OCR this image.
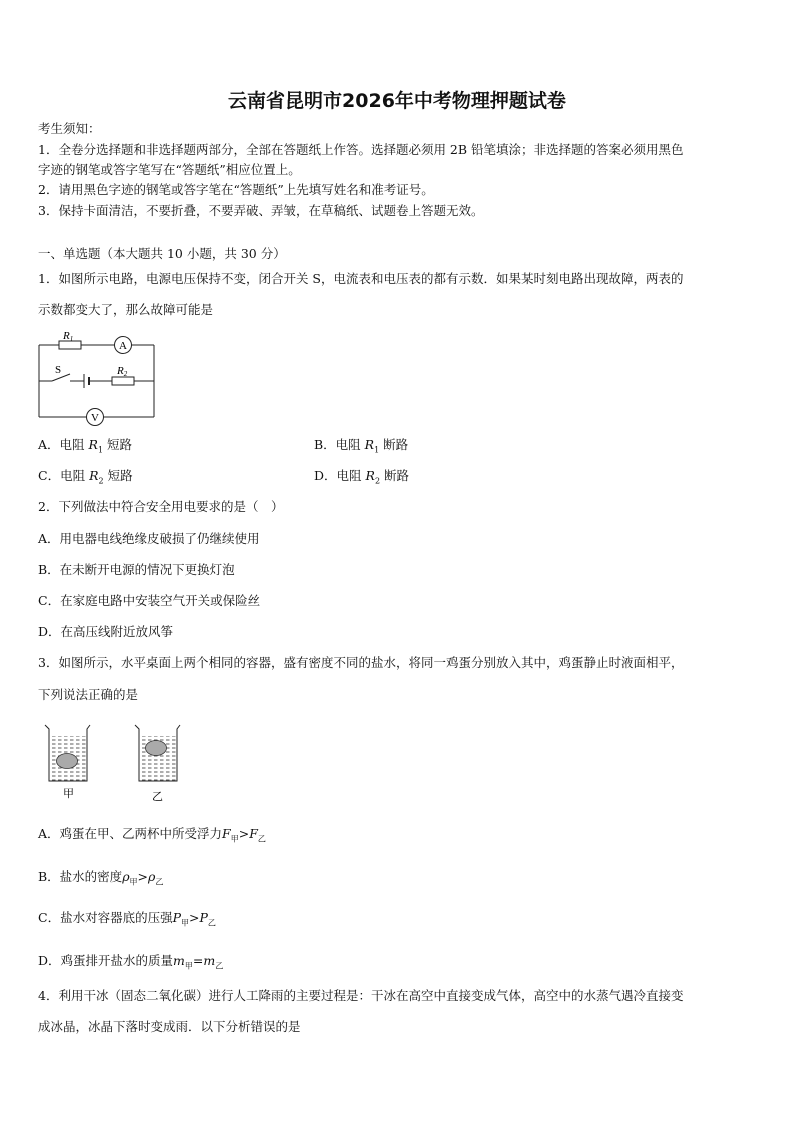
云南省昆明市2026年中考物理押题试卷
考生须知：
1．全卷分选择题和非选择题两部分，全部在答题纸上作答。选择题必须用 2B 铅笔填涂；非选择题的答案必须用黑色
字迹的钢笔或答字笔写在“答题纸”相应位置上。
2．请用黑色字迹的钢笔或答字笔在“答题纸”上先填写姓名和准考证号。
3．保持卡面清洁，不要折叠，不要弄破、弄皱，在草稿纸、试题卷上答题无效。
一、单选题（本大题共 10 小题，共 30 分）
1．如图所示电路，电源电压保持不变，闭合开关 S，电流表和电压表的都有示数．如果某时刻电路出现故障，两表的
示数都变大了，那么故障可能是
R1
A
S	R2
V
A．电阻 $R_1$ 短路	B．电阻 $R_1$ 断路
C．电阻 $R_2$ 短路	D．电阻 $R_2$ 断路
2．下列做法中符合安全用电要求的是（　）
A．用电器电线绝缘皮破损了仍继续使用
B．在未断开电源的情况下更换灯泡
C．在家庭电路中安装空气开关或保险丝
D．在高压线附近放风筝
3．如图所示，水平桌面上两个相同的容器，盛有密度不同的盐水，将同一鸡蛋分别放入其中，鸡蛋静止时液面相平，
下列说法正确的是
甲	乙
A．鸡蛋在甲、乙两杯中所受浮力$F_甲>F_乙$
B．盐水的密度$\rho_甲>\rho_乙$
C．盐水对容器底的压强$P_甲>P_乙$
D．鸡蛋排开盐水的质量$m_甲=m_乙$
4．利用干冰（固态二氧化碳）进行人工降雨的主要过程是：干冰在高空中直接变成气体，高空中的水蒸气遇冷直接变
成冰晶，冰晶下落时变成雨．以下分析错误的是
